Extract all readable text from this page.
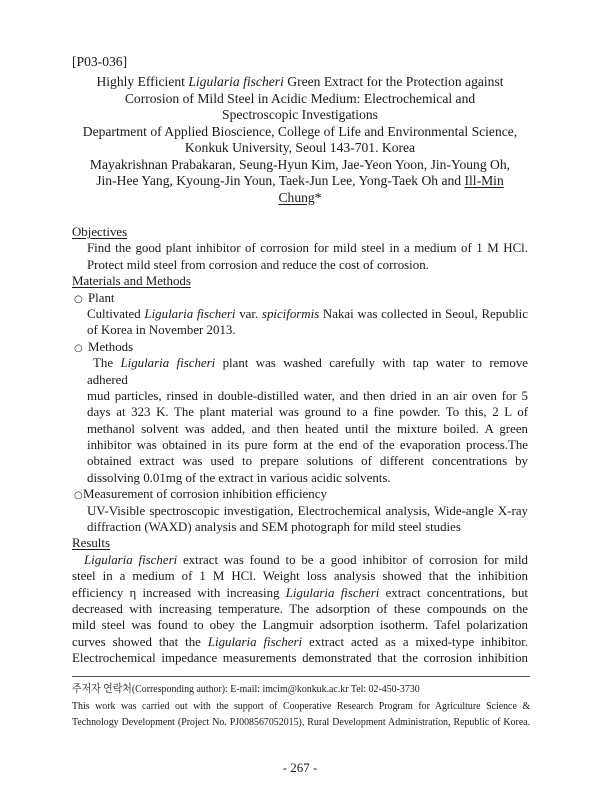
[P03-036]
Highly Efficient Ligularia fischeri Green Extract for the Protection against
Corrosion of Mild Steel in Acidic Medium: Electrochemical and
Spectroscopic Investigations
Department of Applied Bioscience, College of Life and Environmental Science,
Konkuk University, Seoul 143-701. Korea
Mayakrishnan Prabakaran, Seung-Hyun Kim, Jae-Yeon Yoon, Jin-Young Oh,
Jin-Hee Yang, Kyoung-Jin Youn, Taek-Jun Lee, Yong-Taek Oh and Ill-Min
Chung*
Objectives
Find the good plant inhibitor of corrosion for mild steel in a medium of 1 M HCl.
Protect mild steel from corrosion and reduce the cost of corrosion.
Materials and Methods
○ Plant
Cultivated Ligularia fischeri var. spiciformis Nakai was collected in Seoul, Republic
of Korea in November 2013.
○ Methods
The Ligularia fischeri plant was washed carefully with tap water to remove
adhered
mud particles, rinsed in double-distilled water, and then dried in an air oven for 5
days at 323 K. The plant material was ground to a fine powder. To this, 2 L of
methanol solvent was added, and then heated until the mixture boiled. A green
inhibitor was obtained in its pure form at the end of the evaporation process.The
obtained extract was used to prepare solutions of different concentrations by
dissolving 0.01mg of the extract in various acidic solvents.
○Measurement of corrosion inhibition efficiency
UV-Visible spectroscopic investigation, Electrochemical analysis, Wide-angle X-ray
diffraction (WAXD) analysis and SEM photograph for mild steel studies
Results
Ligularia fischeri extract was found to be a good inhibitor of corrosion for mild
steel in a medium of 1 M HCl. Weight loss analysis showed that the inhibition
efficiency η increased with increasing Ligularia fischeri extract concentrations, but
decreased with increasing temperature. The adsorption of these compounds on the
mild steel was found to obey the Langmuir adsorption isotherm. Tafel polarization
curves showed that the Ligularia fischeri extract acted as a mixed-type inhibitor.
Electrochemical impedance measurements demonstrated that the corrosion inhibition
주저자 연락처(Corresponding author): E-mail: imcim@konkuk.ac.kr Tel: 02-450-3730
This work was carried out with the support of Cooperative Research Program for Agriculture Science &
Technology Development (Project No. PJ008567052015), Rural Development Administration, Republic of Korea.
- 267 -
